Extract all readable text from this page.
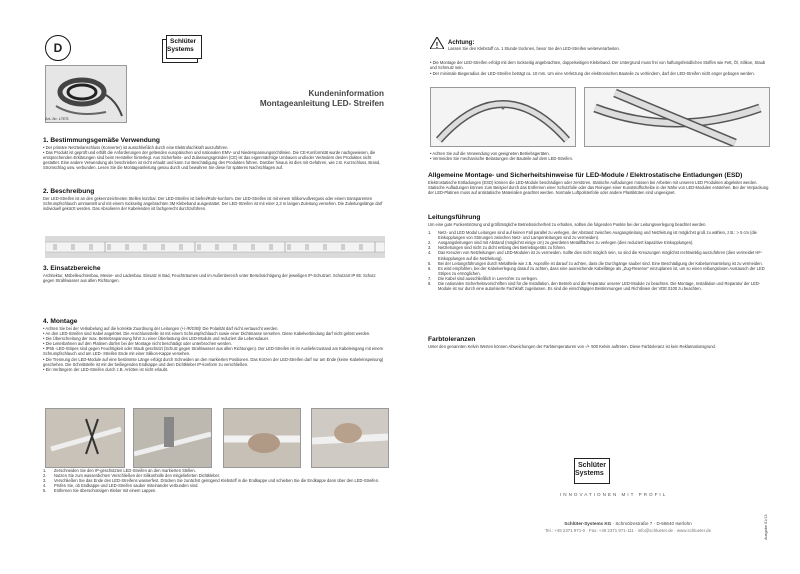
D	Schlüter
Systems
Art.-Nr. LTES
Kundeninformation
Montageanleitung LED- Streifen
1. Bestimmungsgemäße Verwendung
• Der primäre Netzteilanschluss (Konverter) ist ausschließlich durch eine Elektrofachkraft auszuführen.
• Das Produkt ist geprüft und erfüllt die Anforderungen der geltenden europäischen und nationalen EMV- und Niederspannungsrichtlinien. Die CE-Konformität wurde nachgewiesen, die entsprechenden Erklärungen sind beim Hersteller hinterlegt. Aus Sicherheits- und Zulassungsgründen (CE) ist das eigenmächtige Umbauen und/oder Verändern des Produktes nicht gestattet. Eine andere Verwendung als beschrieben ist nicht erlaubt und kann zur Beschädigung des Produktes führen. Darüber hinaus ist dies mit Gefahren, wie z.B. Kurzschluss, Brand, Stromschlag usw. verbunden. Lesen Sie die Montageanleitung genau durch und bewahren Sie diese für späteres Nachschlagen auf.
2. Beschreibung
Der LED-Streifen ist an den gekennzeichneten Stellen kürzbar. Der LED-Streifen ist biefrei/Rohr-konform. Der LED-Streifen ist mit einem Silikonvollverguss oder einem transparenten Schrumpfschlauch ummantelt und mit einem rückseitig angebrachten 3M Klebeband ausgestattet. Der LED-Streifen ist mit einer 2,3 m langen Zuleitung versehen. Die Zuleitungslänge darf individuell gekürzt werden. Das Absolieren der Kabelenden ist fachgerecht durchzuführen.
3. Einsatzbereiche
Architektur, Möbelleuchtenbau, Messe- und Ladenbau. Einsatz in Bad, Feuchträumen und im Außenbereich unter Berücksichtigung der jeweiligen IP-Schutzart. Schutzart IP 65: Schutz gegen Strahlwasser aus allen Richtungen.
4. Montage
• Achten Sie bei der Verkabelung auf die korrekte Zuordnung der Leitungen (+/-/R/G/B)! Die Polarität darf nicht vertauscht werden.
• An den LED-Streifen sind Kabel angelötet. Die Anschlussstelle ist mit einem Schrumpfschlauch sowie einer Dichtmasse versehen. Diese Kabelverbindung darf nicht gelöst werden.
• Die Überschreitung der max. Betriebsspannung führt zu einer Überlastung des LED-Moduls und reduziert die Lebensdauer.
• Die Leiterbahnen auf den Platinen dürfen bei der Montage nicht beschädigt oder unterbrochen werden.
• IP65 -LED-Stripes sind gegen Feuchtigkeit oder Staub geschützt (Schutz gegen Strahlwasser aus allen Richtungen). Der LED-Streifen ist im Auslieferzustand am Kabeleingang mit einem Schrumpfschlauch und am LED- Streifen Ende mit einer Silikon-Kappe versehen.
• Die Trennung der LED-Module auf eine bestimmte Länge erfolgt durch Schneiden an den markierten Positionen. Das Kürzen der LED-Streifen darf nur am Ende (keine Kabeleinspeisung) geschehen. Die Schnittstelle ist mit der beiliegenden Endkappe und dem Dichtkleber IP-konform zu verschließen.
• Ein Verlängern der LED-Streifen durch z.B. Anlöten ist nicht erlaubt.
1. Zerschneiden Sie den IP-geschützten LED-Streifen an den markierten Stellen.
2. Nutzen Sie zum wasserdichten Verschließen der Silikonhülle den mitgelieferten Dichtkleber.
3. Verschließen Sie das Ende des LED-Streifens wasserfest. Drücken Sie zunächst genügend Klebstoff in die Endkappe und schieben Sie die Endkappe dann über den LED-Streifen.
4. Prüfen Sie, ob Endkappe und LED-Streifen sauber miteinander verbunden sind.
5. Entfernen Sie überschüssigen Kleber mit einem Lappen.
! Achtung:
Lassen Sie den Klebstoff ca. 1 Stunde trocknen, bevor Sie den LED-Streifen weiterverarbeiten.
• Die Montage der LED-Streifen erfolgt mit dem rückseitig angebrachten, doppelseitigen Klebeband. Der Untergrund muss frei von haftungsfeindlichen Stoffen wie Fett, Öl, Silikon, Staub und Schmutz sein.
• Der minimale Biegeradius der LED-Streifen beträgt ca. 10 mm. Um eine Verletzung der elektronischen Bauteile zu verhindern, darf der LED-Streifen nicht enger gebogen werden.
• Achten Sie auf die Verwendung von geeigneten Betriebsgeräten.
• Vermeiden Sie mechanische Belastungen der Bauteile auf dem LED-Streifen.
Allgemeine Montage- und Sicherheitshinweise für LED-Module / Elektrostatische Entladungen (ESD)
Elektrostatische Entladungen (ESD) können die LED-Module beschädigen oder zerstören. Statische Aufladungen müssen bei Arbeiten mit unseren LED Produkten abgeleitet werden. Statische Aufladungen können zum Beispiel durch das Entfernen einer Schutzfolie oder das Reinigen einer Kunststoffscheibe in der Nähe von LED-Modulen entstehen. Bei der Verpackung der LED-Platinen muss auf antistatische Materialien geachtet werden. Normale Luftpolsterfolie oder andere Plastiktüten sind ungeeignet.
Leitungsführung
Um eine gute Funkentstörung und größtmögliche Betriebssicherheit zu erhalten, sollten die folgenden Punkte bei der Leitungsverlegung beachtet werden.
1.	Netz- und LED Modul Leitungen sind auf keinen Fall parallel zu verlegen, der Abstand zwischen Ausgangsleitung und Netzleitung ist möglichst groß zu wählen, z.B.: > 5 cm (die Einkopplungen von Störungen zwischen Netz- und Lampenleitungen sind zu vermeiden).
2.	Ausgangsleitungen sind mit Abstand (möglichst einige cm) zu geerdeten Metallflächen zu verlegen (dies reduziert kapazitive Einkopplungen).
3.	Netzleitungen sind nicht zu dicht entlang des Betriebsgeräts zu führen.
4.	Das Kreuzen von Netzleitungen und LED-Modulen ist zu vermeiden. Sollte dies nicht möglich sein, so sind die Kreuzungen möglichst rechtwinklig auszuführen (dies vermeidet HF-Einkopplungen auf die Netzleitung).
5.	Bei der Leitungsführungen durch Metallteile wie z.B. Auprofile ist darauf zu achten, dass die Durchgänge sauber sind. Eine Beschädigung der Kabelummantelung ist zu vermeiden.
6.	Es wird empfohlen, bei der Kabelverlegung darauf zu achten, dass eine ausreichende Kabellänge als „Zug-Reserve" einzuplanen ist, um so einen reibungslosen Austausch der LED Stripes zu ermöglichen.
7.	Die Kabel sind ausschließlich in Leerrohre zu verlegen.
8.	Die nationalen Sicherheitsvorschriften sind für die Installation, den Betrieb und die Reparatur unserer LED-Module zu beachten. Die Montage, Installation und Reparatur der LED-Module ist nur durch eine autorisierte Fachkraft zugelassen. Es sind die einschlägigen Bestimmungen und Richtlinien der VDE 0100 zu beachten.
Farbtoleranzen
Unter den genannten Kelvin Werten können Abweichungen der Farbtemperaturen von -/+ 500 Kelvin auftreten. Diese Farbtoleranz ist kein Reklamationsgrund.
Schlüter
Systems
INNOVATIONEN MIT PROFIL
Schlüter-Systems KG · Schmölzestraße 7 · D-58640 Iserlohn
Tel.: +49 2371 971-0 · Fax: +49 2371 971-111 · info@schlueter.de · www.schlueter.de	Ausgabe 01/13
